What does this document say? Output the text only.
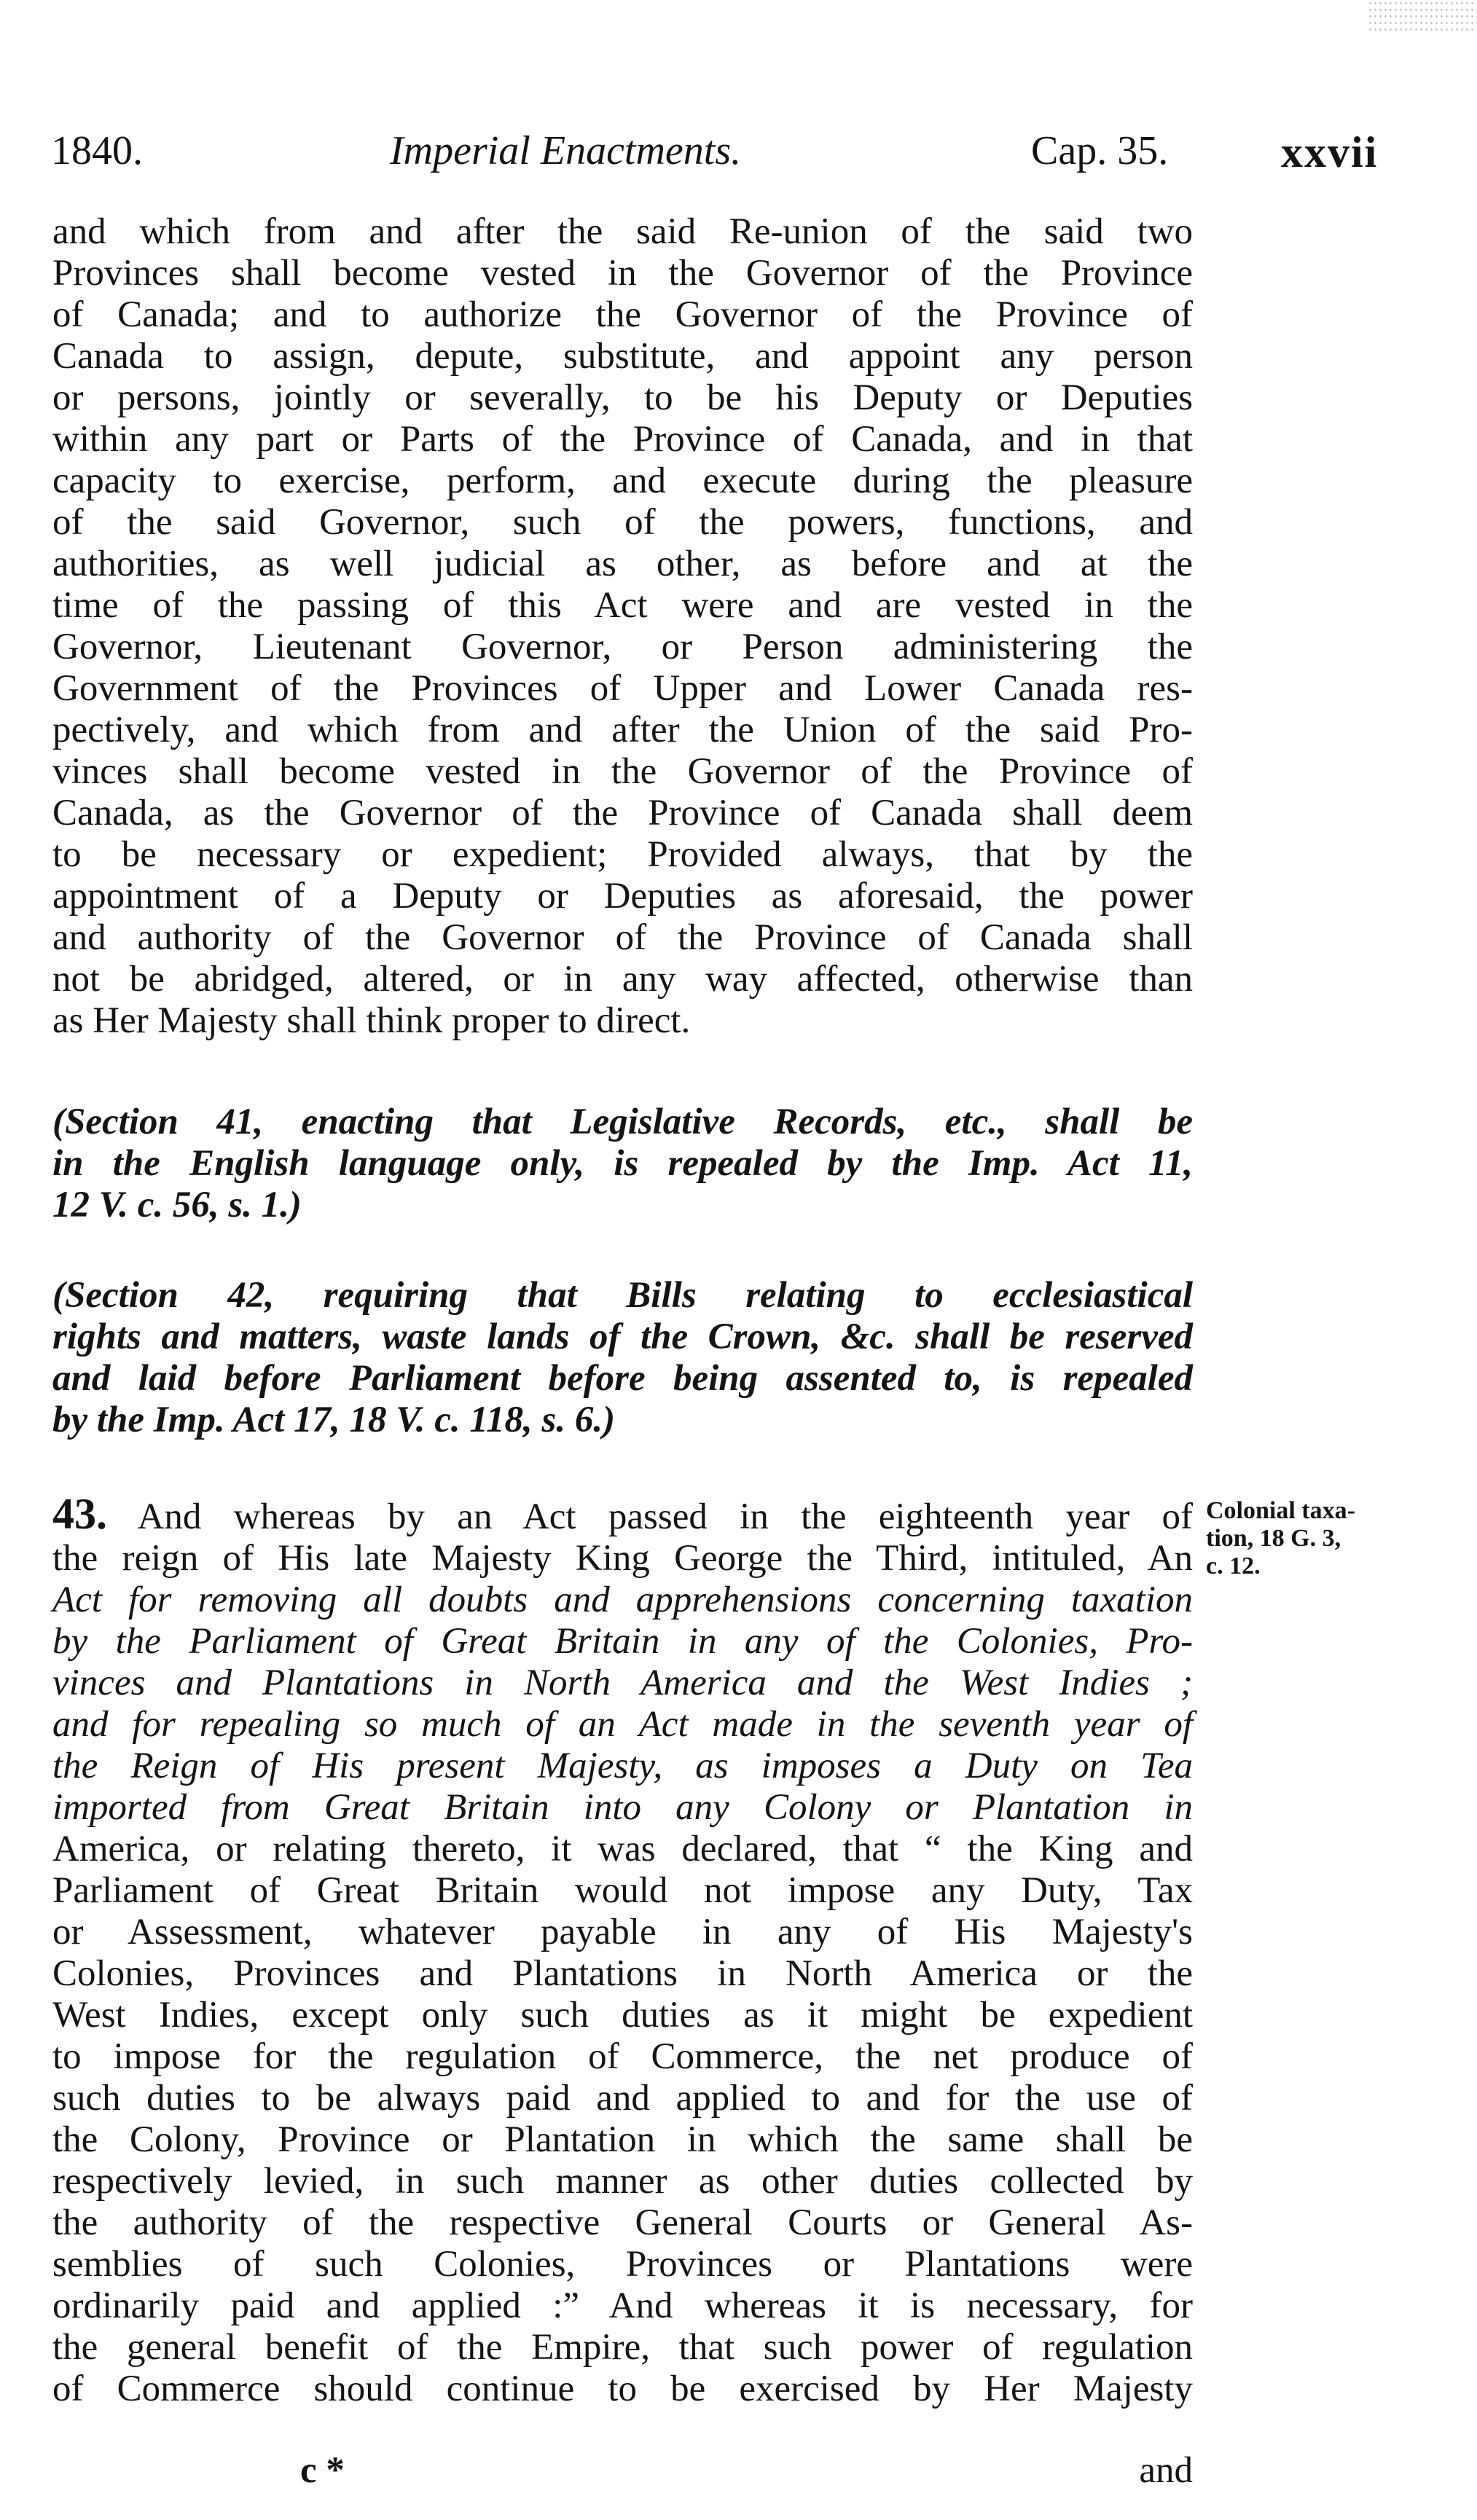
1840.	Imperial Enactments.	Cap. 35.	xxvii

and which from and after the said Re-union of the said two

Provinces shall become vested in the Governor of the Province

of Canada; and to authorize the Governor of the Province of

Canada to assign, depute, substitute, and appoint any person

or persons, jointly or severally, to be his Deputy or Deputies

within any part or Parts of the Province of Canada, and in that

capacity to exercise, perform, and execute during the pleasure

of the said Governor, such of the powers, functions, and

authorities, as well judicial as other, as before and at the

time of the passing of this Act were and are vested in the

Governor, Lieutenant Governor, or Person administering the

Government of the Provinces of Upper and Lower Canada res-

pectively, and which from and after the Union of the said Pro-

vinces shall become vested in the Governor of the Province of

Canada, as the Governor of the Province of Canada shall deem

to be necessary or expedient; Provided always, that by the

appointment of a Deputy or Deputies as aforesaid, the power

and authority of the Governor of the Province of Canada shall

not be abridged, altered, or in any way affected, otherwise than

as Her Majesty shall think proper to direct.

(Section 41, enacting that Legislative Records, etc., shall be

in the English language only, is repealed by the Imp. Act 11,

12 V. c. 56, s. 1.)

(Section 42, requiring that Bills relating to ecclesiastical

rights and matters, waste lands of the Crown, &c. shall be reserved

and laid before Parliament before being assented to, is repealed

by the Imp. Act 17, 18 V. c. 118, s. 6.)

43. And whereas by an Act passed in the eighteenth year of

the reign of His late Majesty King George the Third, intituled, An

Act for removing all doubts and apprehensions concerning taxation

by the Parliament of Great Britain in any of the Colonies, Pro-

vinces and Plantations in North America and the West Indies ;

and for repealing so much of an Act made in the seventh year of

the Reign of His present Majesty, as imposes a Duty on Tea

imported from Great Britain into any Colony or Plantation in

America, or relating thereto, it was declared, that “ the King and

Parliament of Great Britain would not impose any Duty, Tax

or Assessment, whatever payable in any of His Majesty's

Colonies, Provinces and Plantations in North America or the

West Indies, except only such duties as it might be expedient

to impose for the regulation of Commerce, the net produce of

such duties to be always paid and applied to and for the use of

the Colony, Province or Plantation in which the same shall be

respectively levied, in such manner as other duties collected by

the authority of the respective General Courts or General As-

semblies of such Colonies, Provinces or Plantations were

ordinarily paid and applied :” And whereas it is necessary, for

the general benefit of the Empire, that such power of regulation

of Commerce should continue to be exercised by Her Majesty

Colonial taxa-
tion, 18 G. 3,
c. 12.
c *	and
